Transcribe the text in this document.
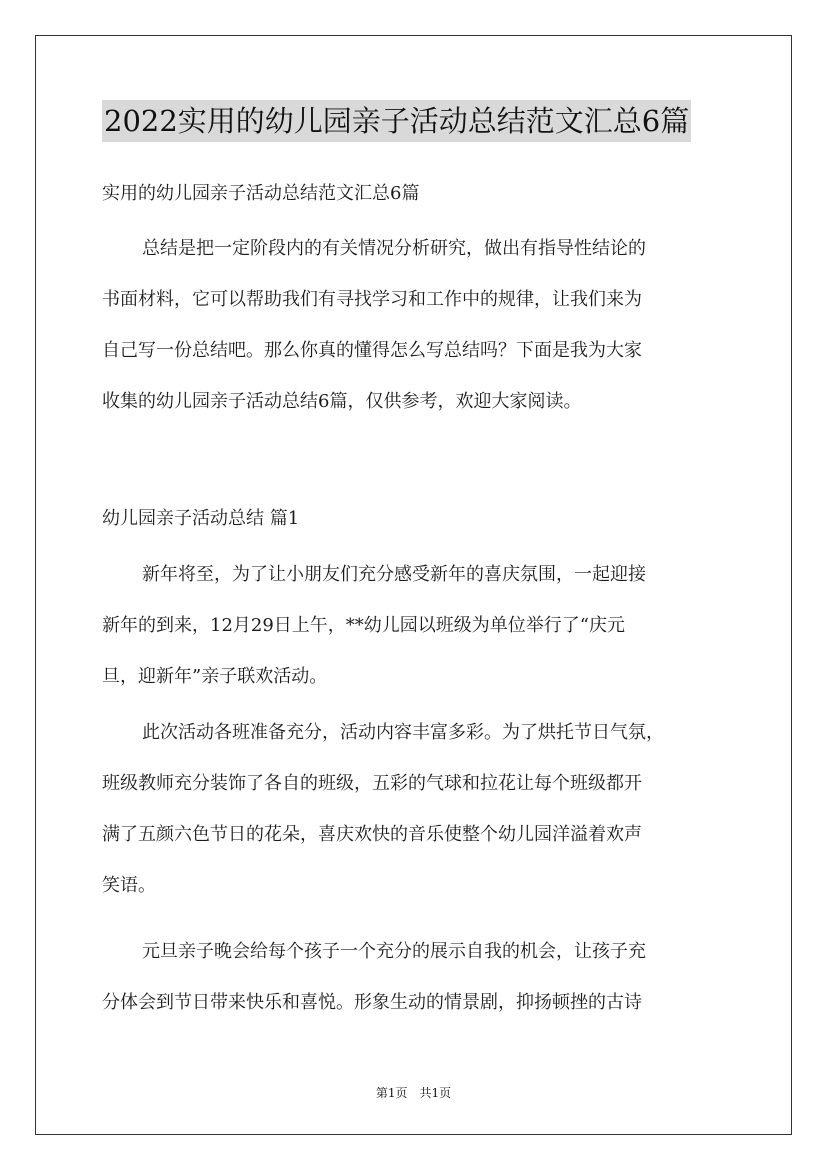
2022实用的幼儿园亲子活动总结范文汇总6篇
实用的幼儿园亲子活动总结范文汇总6篇
总结是把一定阶段内的有关情况分析研究，做出有指导性结论的
书面材料，它可以帮助我们有寻找学习和工作中的规律，让我们来为
自己写一份总结吧。那么你真的懂得怎么写总结吗？下面是我为大家
收集的幼儿园亲子活动总结6篇，仅供参考，欢迎大家阅读。
幼儿园亲子活动总结 篇1
新年将至，为了让小朋友们充分感受新年的喜庆氛围，一起迎接
新年的到来，12月29日上午，**幼儿园以班级为单位举行了“庆元
旦，迎新年”亲子联欢活动。
此次活动各班准备充分，活动内容丰富多彩。为了烘托节日气氛，
班级教师充分装饰了各自的班级，五彩的气球和拉花让每个班级都开
满了五颜六色节日的花朵，喜庆欢快的音乐使整个幼儿园洋溢着欢声
笑语。
元旦亲子晚会给每个孩子一个充分的展示自我的机会，让孩子充
分体会到节日带来快乐和喜悦。形象生动的情景剧，抑扬顿挫的古诗
第1页 共1页
